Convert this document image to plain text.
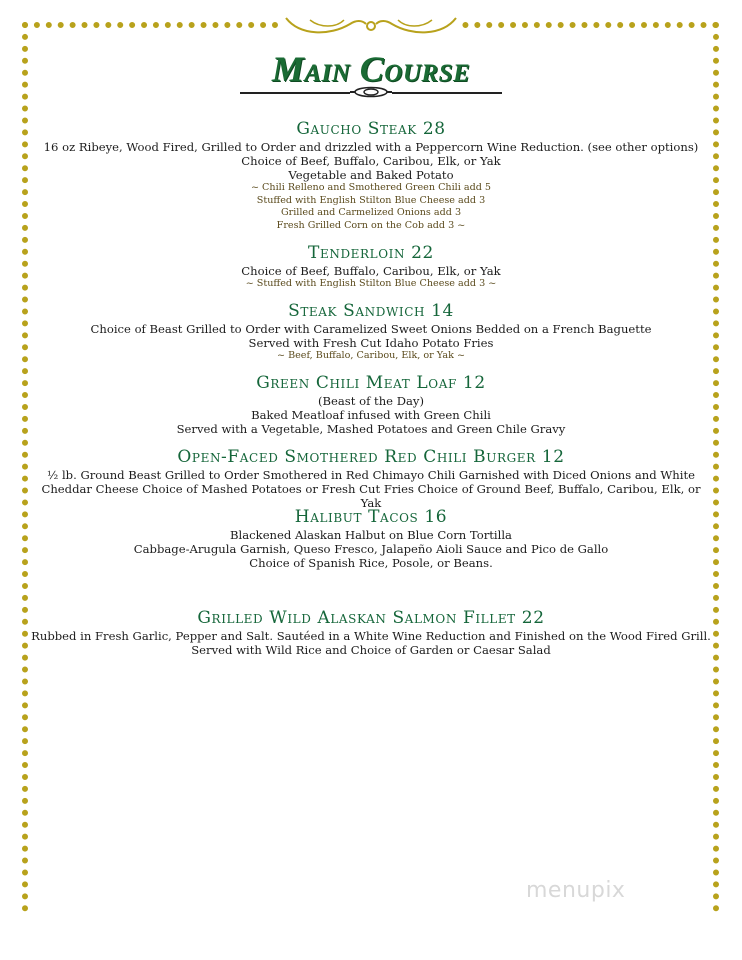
Main Course
Gaucho Steak 28
16 oz Ribeye, Wood Fired, Grilled to Order and drizzled with a Peppercorn Wine Reduction. (see other options)
Choice of Beef, Buffalo, Caribou, Elk, or Yak
Vegetable and Baked Potato
~ Chili Relleno and Smothered Green Chili add 5
Stuffed with English Stilton Blue Cheese add 3
Grilled and Carmelized Onions add 3
Fresh Grilled Corn on the Cob add 3 ~
Tenderloin 22
Choice of Beef, Buffalo, Caribou, Elk, or Yak
~ Stuffed with English Stilton Blue Cheese add 3 ~
Steak Sandwich 14
Choice of Beast Grilled to Order with Caramelized Sweet Onions Bedded on a French Baguette
Served with Fresh Cut Idaho Potato Fries
~ Beef, Buffalo, Caribou, Elk, or Yak ~
Green Chili Meat Loaf 12
(Beast of the Day)
Baked Meatloaf infused with Green Chili
Served with a Vegetable, Mashed Potatoes and Green Chile Gravy
Open-Faced Smothered Red Chili Burger 12
½ lb. Ground Beast Grilled to Order Smothered in Red Chimayo Chili Garnished with Diced Onions and White
Cheddar Cheese Choice of Mashed Potatoes or Fresh Cut Fries Choice of Ground Beef, Buffalo, Caribou, Elk, or Yak
Halibut Tacos 16
Blackened Alaskan Halbut on Blue Corn Tortilla
Cabbage-Arugula Garnish, Queso Fresco, Jalapeño Aioli Sauce and Pico de Gallo
Choice of Spanish Rice, Posole, or Beans.
Grilled Wild Alaskan Salmon Fillet 22
Rubbed in Fresh Garlic, Pepper and Salt. Sautéed in a White Wine Reduction and Finished on the Wood Fired Grill.
Served with Wild Rice and Choice of Garden or Caesar Salad
menupix
